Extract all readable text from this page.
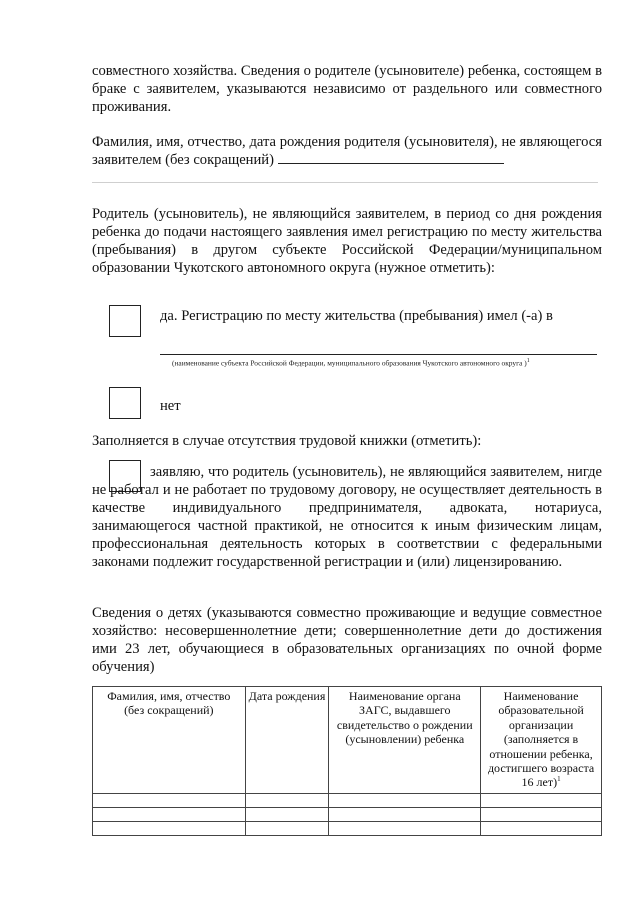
совместного хозяйства. Сведения о родителе (усыновителе) ребенка, состоящем в браке с заявителем, указываются независимо от раздельного или совместного проживания.

Фамилия, имя, отчество, дата рождения родителя (усыновителя), не являющегося заявителем (без сокращений)

Родитель (усыновитель), не являющийся заявителем, в период со дня рождения ребенка до подачи настоящего заявления имел регистрацию по месту жительства (пребывания) в другом субъекте Российской Федерации/муниципальном образовании Чукотского автономного округа (нужное отметить):

да. Регистрацию по месту жительства (пребывания) имел (-а) в

(наименование субъекта Российской Федерации, муниципального образования Чукотского автономного округа )$^1$

нет

Заполняется в случае отсутствия трудовой книжки (отметить):

заявляю, что родитель (усыновитель), не являющийся заявителем, нигде не работал и не работает по трудовому договору, не осуществляет деятельность в качестве индивидуального предпринимателя, адвоката, нотариуса, занимающегося частной практикой, не относится к иным физическим лицам, профессиональная деятельность которых в соответствии с федеральными законами подлежит государственной регистрации и (или) лицензированию.

Сведения о детях (указываются совместно проживающие и ведущие совместное хозяйство: несовершеннолетние дети; совершеннолетние дети до достижения ими 23 лет, обучающиеся в образовательных организациях по очной форме обучения)

Фамилия, имя, отчество (без сокращений)	Дата рождения	Наименование органа ЗАГС, выдавшего свидетельство о рождении (усыновлении) ребенка	Наименование образовательной организации (заполняется в отношении ребенка, достигшего возраста 16 лет)$^1$
